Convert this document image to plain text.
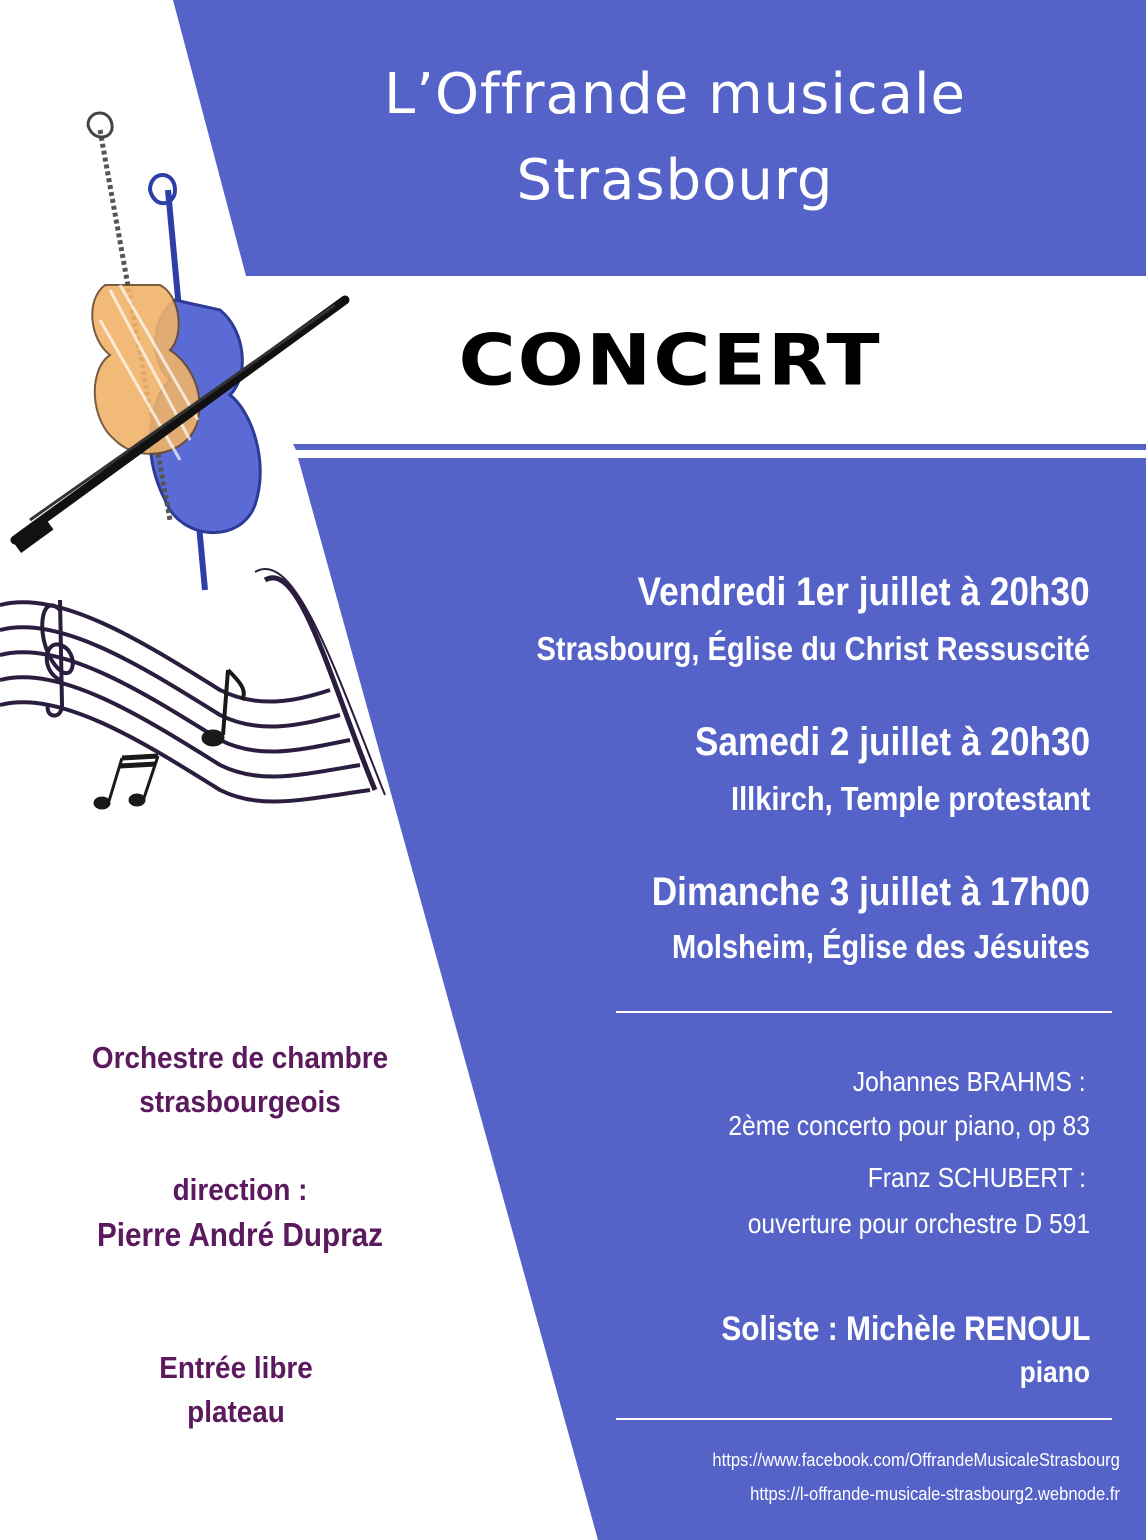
L’Offrande musicale
Strasbourg
CONCERT
Vendredi 1er juillet à 20h30
Strasbourg, Église du Christ Ressuscité
Samedi 2 juillet à 20h30
Illkirch, Temple protestant
Dimanche 3 juillet à 17h00
Molsheim, Église des Jésuites
Johannes BRAHMS :
2ème concerto pour piano, op 83
Franz SCHUBERT :
ouverture pour orchestre D 591
Soliste : Michèle RENOUL
piano
https://www.facebook.com/OffrandeMusicaleStrasbourg
https://l-offrande-musicale-strasbourg2.webnode.fr
Orchestre de chambre
strasbourgeois
direction :
Pierre André Dupraz
Entrée libre
plateau
